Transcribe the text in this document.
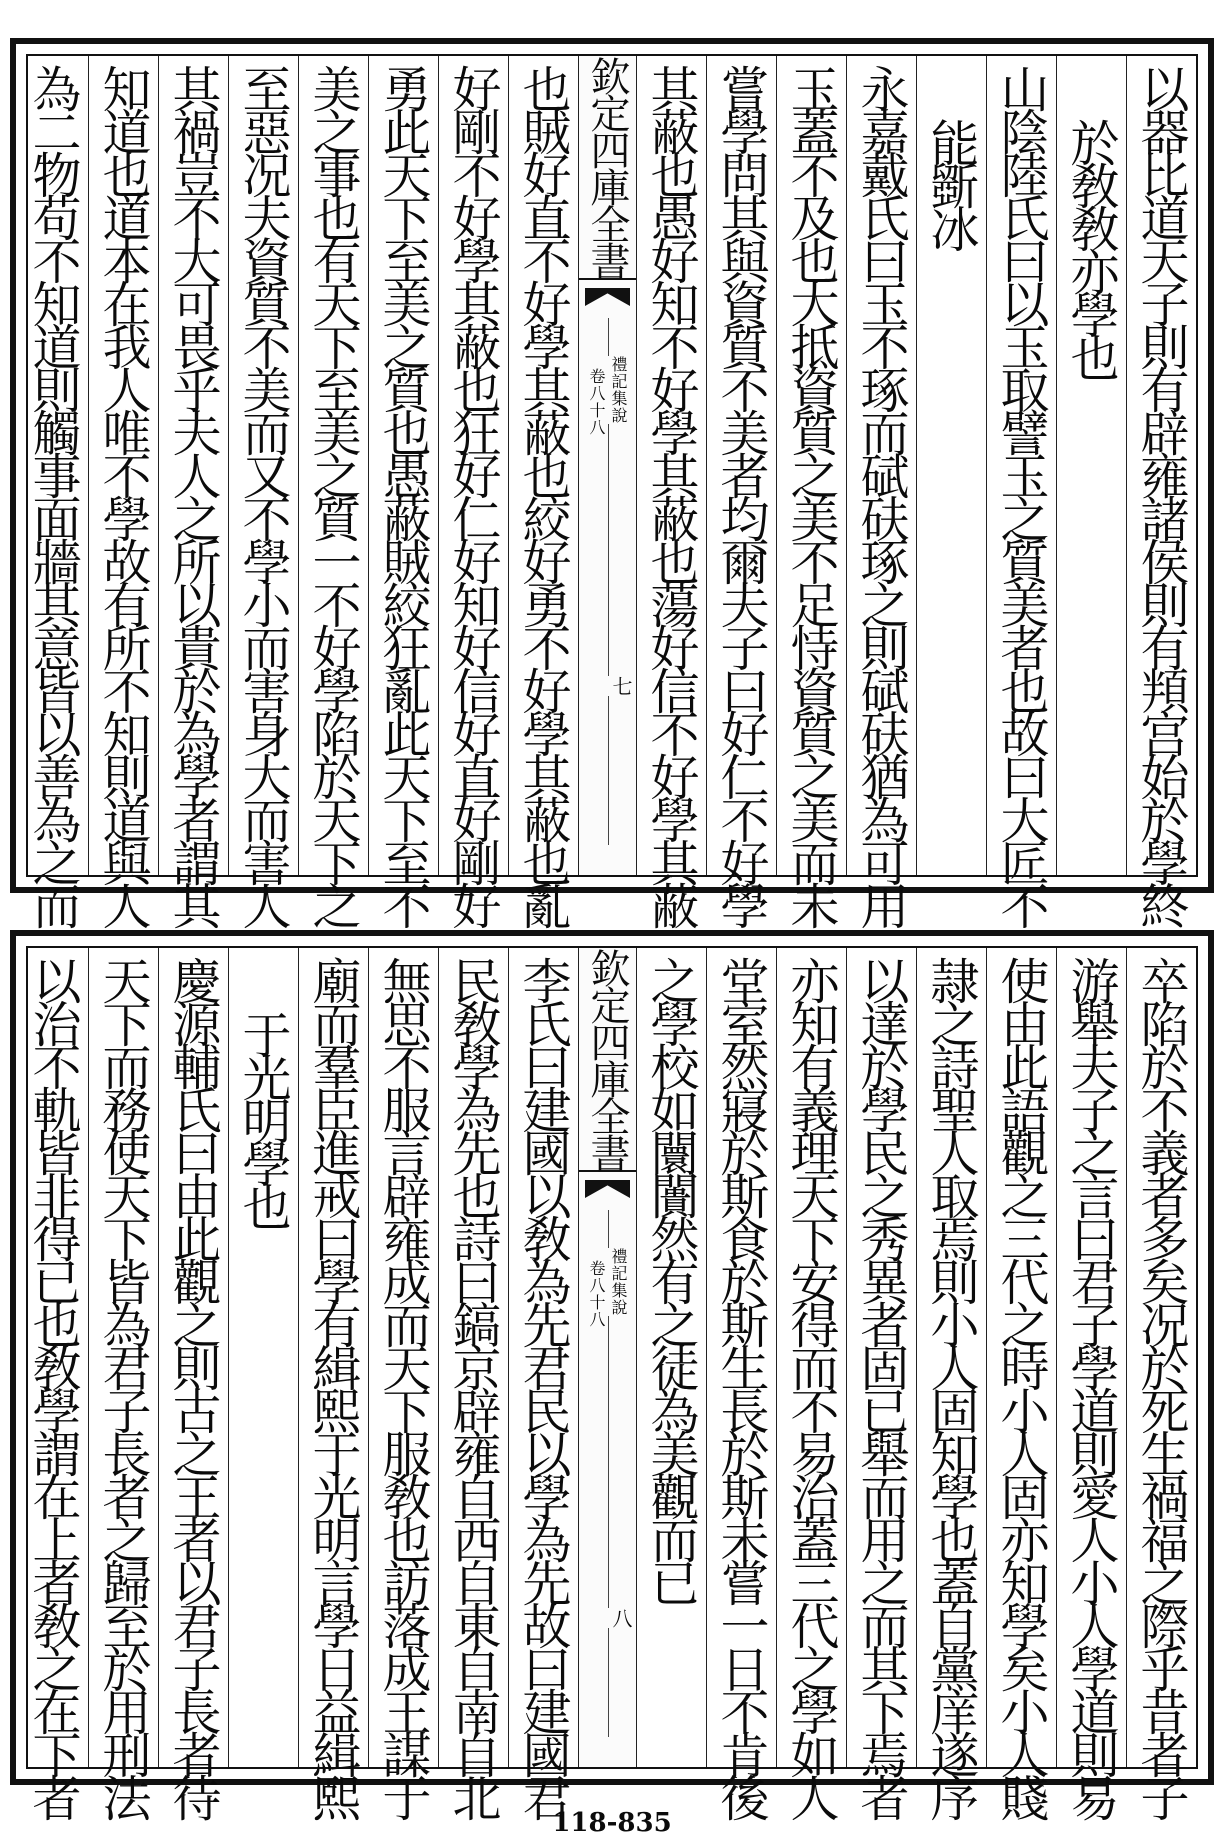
以器比道天子則有辟雍諸侯則有頖宫始於學終
於敎敎亦學也
山陰陸氏曰以玉取譬玉之質美者也故曰大匠不
能斵冰
永嘉戴氏曰玉不琢而碔砆琢之則碔砆猶為可用
玉蓋不及也大抵資質之美不足恃資質之美而未
嘗學問其與資質不美者均爾夫子曰好仁不好學
其蔽也愚好知不好學其蔽也蕩好信不好學其蔽
欽定四庫全書
禮記集說
卷八十八
七
也賊好直不好學其蔽也絞好勇不好學其蔽也亂
好剛不好學其蔽也狂好仁好知好信好直好剛好
勇此天下至美之質也愚蔽賊絞狂亂此天下至不
美之事也有天下至美之質一不好學陷於天下之
至惡况夫資質不美而又不學小而害身大而害人
其禍豈不大可畏乎夫人之所以貴於為學者謂其
知道也道本在我人唯不學故有所不知則道與人
為二物苟不知道則觸事面牆其意皆以善為之而
卒陷於不義者多矣况於死生禍福之際乎昔者子
游舉夫子之言曰君子學道則愛人小人學道則易
使由此語觀之三代之時小人固亦知學矣小人賤
隷之詩聖人取焉則小人固知學也蓋自黨庠遂序
以達於學民之秀異者固已舉而用之而其下焉者
亦知有義理天下安得而不易治蓋三代之學如人
堂室然寢於斯食於斯生長於斯未嘗一日不肯後
之學校如闤闠然有之徒為美觀而已
欽定四庫全書
禮記集說
卷八十八
八
李氏曰建國以敎為先君民以學為先故曰建國君
民敎學為先也詩曰鎬京辟雍自西自東自南自北
無思不服言辟雍成而天下服敎也訪落成王謀于
廟而羣臣進戒曰學有緝熙于光明言學日益緝熙
于光明學也
慶源輔氏曰由此觀之則古之王者以君子長者待
天下而務使天下皆為君子長者之歸至於用刑法
以治不軌皆非得已也敎學謂在上者敎之在下者
118-835
